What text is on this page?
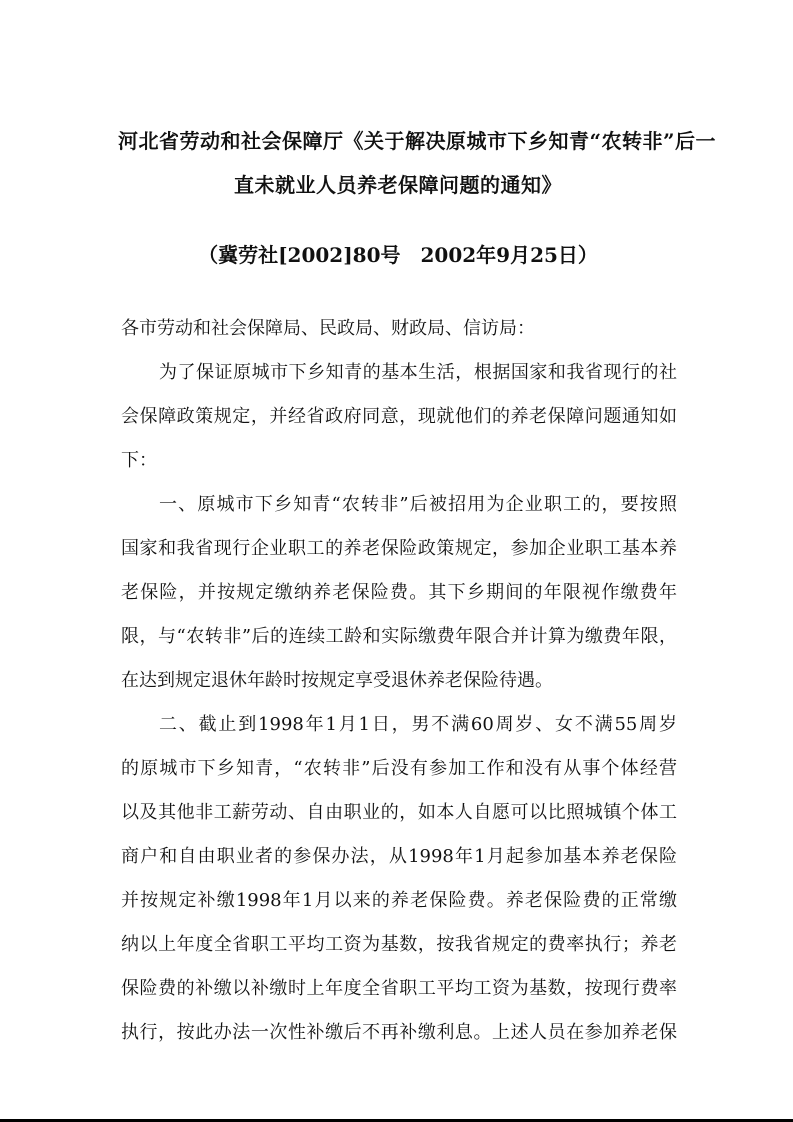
河北省劳动和社会保障厅《关于解决原城市下乡知青“农转非”后一
直未就业人员养老保障问题的通知》
（冀劳社[2002]80号　2002年9月25日）
各市劳动和社会保障局、民政局、财政局、信访局：
为了保证原城市下乡知青的基本生活，根据国家和我省现行的社
会保障政策规定，并经省政府同意，现就他们的养老保障问题通知如
下：
一、原城市下乡知青“农转非”后被招用为企业职工的，要按照
国家和我省现行企业职工的养老保险政策规定，参加企业职工基本养
老保险，并按规定缴纳养老保险费。其下乡期间的年限视作缴费年
限，与“农转非”后的连续工龄和实际缴费年限合并计算为缴费年限，
在达到规定退休年龄时按规定享受退休养老保险待遇。
二、截止到1998年1月1日，男不满60周岁、女不满55周岁
的原城市下乡知青，“农转非”后没有参加工作和没有从事个体经营
以及其他非工薪劳动、自由职业的，如本人自愿可以比照城镇个体工
商户和自由职业者的参保办法，从1998年1月起参加基本养老保险
并按规定补缴1998年1月以来的养老保险费。养老保险费的正常缴
纳以上年度全省职工平均工资为基数，按我省规定的费率执行；养老
保险费的补缴以补缴时上年度全省职工平均工资为基数，按现行费率
执行，按此办法一次性补缴后不再补缴利息。上述人员在参加养老保
